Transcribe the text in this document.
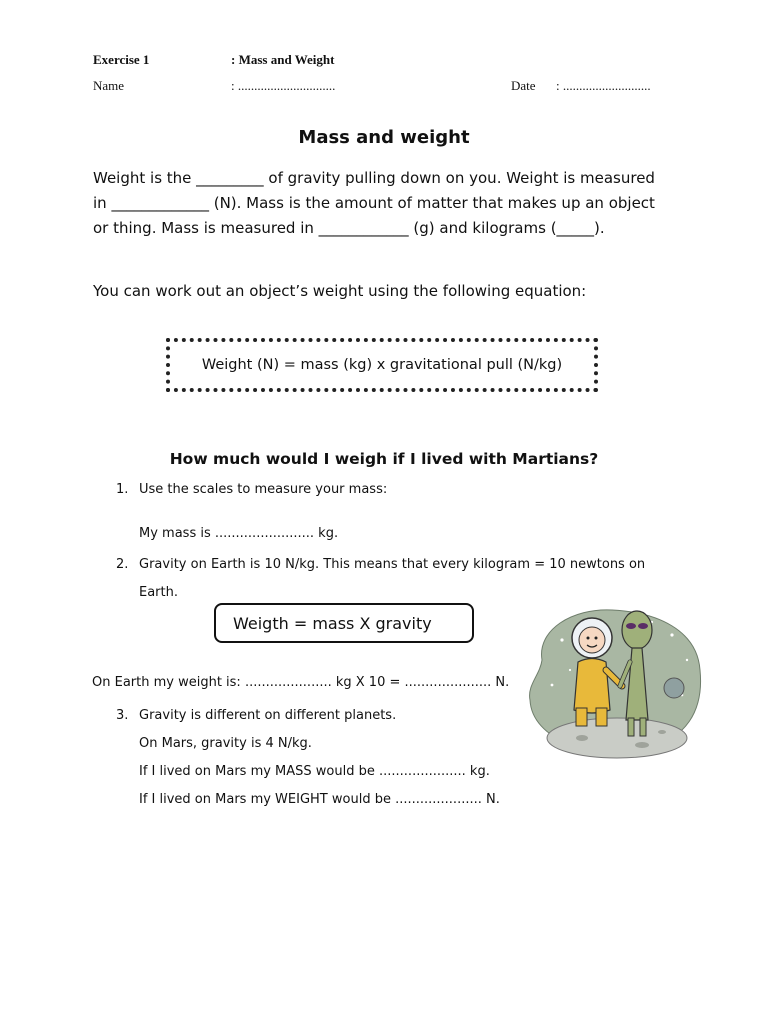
Exercise 1	: Mass and Weight
Name	: ..............................	Date : ...........................
Mass and weight
Weight is the _________ of gravity pulling down on you. Weight is measured in _____________ (N). Mass is the amount of matter that makes up an object or thing. Mass is measured in ____________ (g) and kilograms (_____).
You can work out an object’s weight using the following equation:
Weight (N) = mass (kg) x gravitational pull (N/kg)
How much would I weigh if I lived with Martians?
1. Use the scales to measure your mass:
My mass is ........................ kg.
2. Gravity on Earth is 10 N/kg. This means that every kilogram = 10 newtons on
Earth.
Weigth = mass X gravity
On Earth my weight is: ..................... kg X 10 = ..................... N.
3. Gravity is different on different planets.
On Mars, gravity is 4 N/kg.
If I lived on Mars my MASS would be ..................... kg.
If I lived on Mars my WEIGHT would be ..................... N.
